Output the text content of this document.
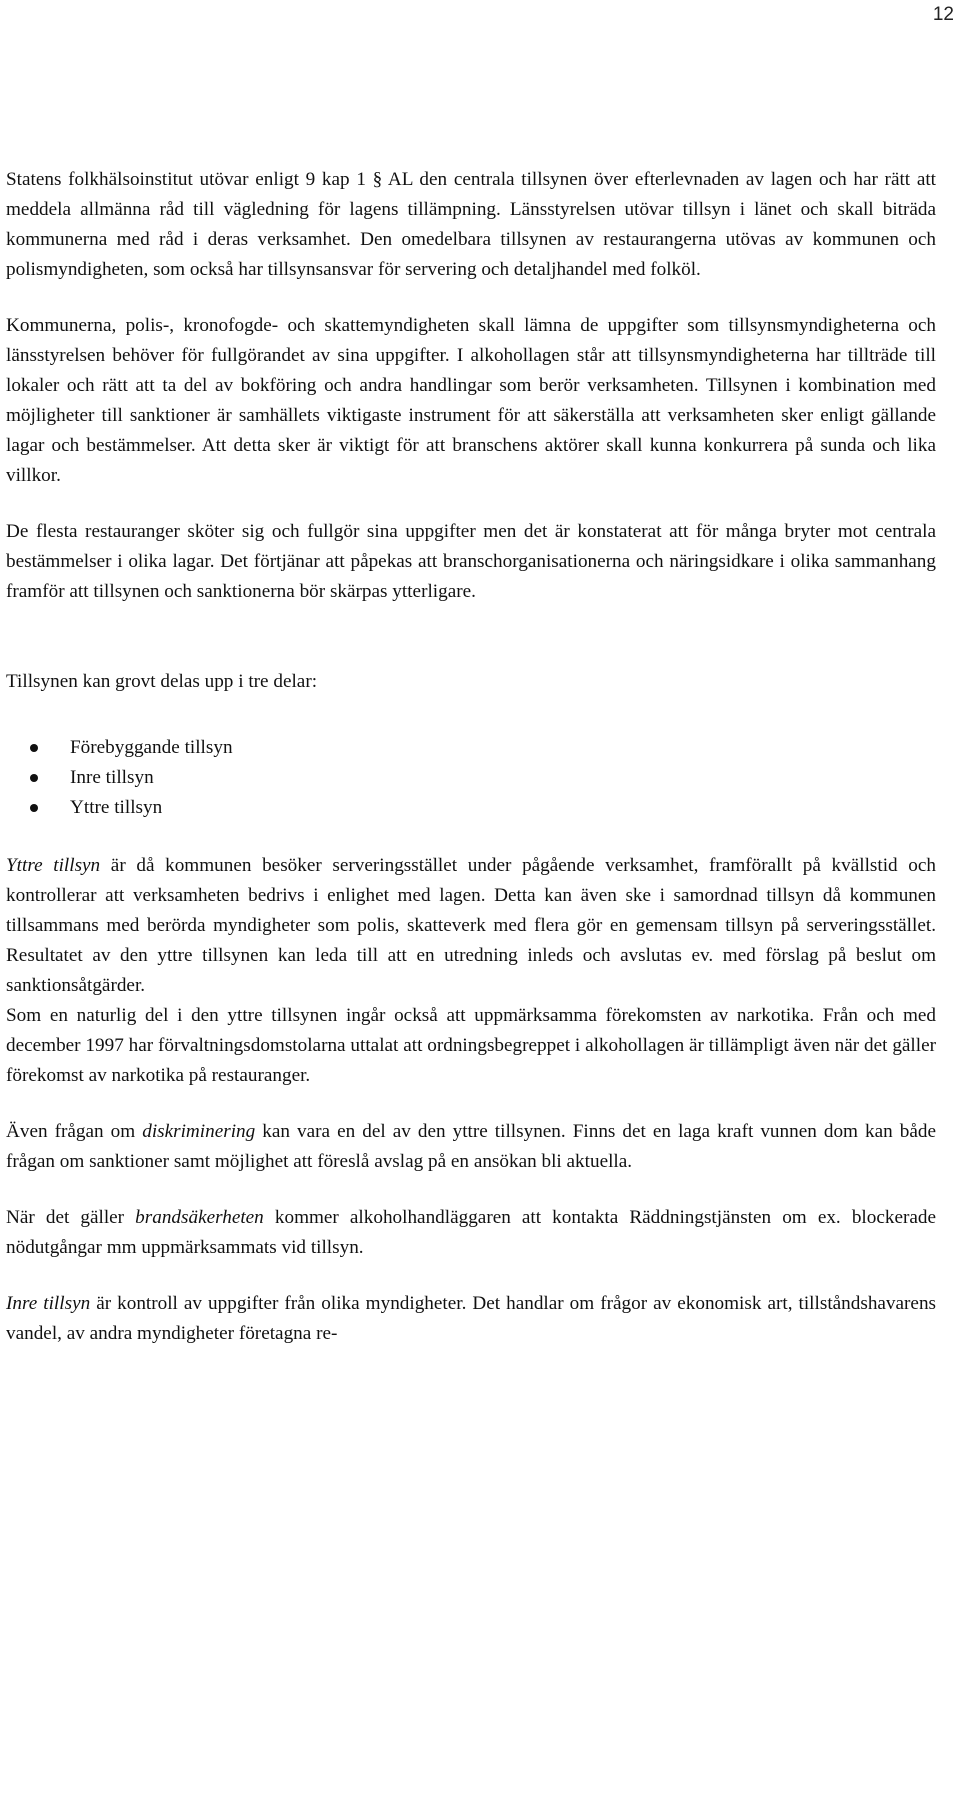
12

Statens folkhälsoinstitut utövar enligt 9 kap 1 § AL den centrala tillsynen över efterlevnaden av lagen och har rätt att meddela allmänna råd till vägledning för lagens tillämpning. Länsstyrelsen utövar tillsyn i länet och skall biträda kommunerna med råd i deras verksamhet. Den omedelbara tillsynen av restaurangerna utövas av kommunen och polismyndigheten, som också har tillsynsansvar för servering och detaljhandel med folköl.

Kommunerna, polis-, kronofogde- och skattemyndigheten skall lämna de uppgifter som tillsynsmyndigheterna och länsstyrelsen behöver för fullgörandet av sina uppgifter. I alkohollagen står att tillsynsmyndigheterna har tillträde till lokaler och rätt att ta del av bokföring och andra handlingar som berör verksamheten. Tillsynen i kombination med möjligheter till sanktioner är samhällets viktigaste instrument för att säkerställa att verksamheten sker enligt gällande lagar och bestämmelser. Att detta sker är viktigt för att branschens aktörer skall kunna konkurrera på sunda och lika villkor.

De flesta restauranger sköter sig och fullgör sina uppgifter men det är konstaterat att för många bryter mot centrala bestämmelser i olika lagar. Det förtjänar att påpekas att branschorganisationerna och näringsidkare i olika sammanhang framför att tillsynen och sanktionerna bör skärpas ytterligare.

Tillsynen kan grovt delas upp i tre delar:

Förebyggande tillsyn
Inre tillsyn
Yttre tillsyn

Yttre tillsyn är då kommunen besöker serveringsstället under pågående verksamhet, framförallt på kvällstid och kontrollerar att verksamheten bedrivs i enlighet med lagen. Detta kan även ske i samordnad tillsyn då kommunen tillsammans med berörda myndigheter som polis, skatteverk med flera gör en gemensam tillsyn på serveringsstället. Resultatet av den yttre tillsynen kan leda till att en utredning inleds och avslutas ev. med förslag på beslut om sanktionsåtgärder.

Som en naturlig del i den yttre tillsynen ingår också att uppmärksamma förekomsten av narkotika. Från och med december 1997 har förvaltningsdomstolarna uttalat att ordningsbegreppet i alkohollagen är tillämpligt även när det gäller förekomst av narkotika på restauranger.

Även frågan om diskriminering kan vara en del av den yttre tillsynen. Finns det en laga kraft vunnen dom kan både frågan om sanktioner samt möjlighet att föreslå avslag på en ansökan bli aktuella.

När det gäller brandsäkerheten kommer alkoholhandläggaren att kontakta Räddningstjänsten om ex. blockerade nödutgångar mm uppmärksammats vid tillsyn.

Inre tillsyn är kontroll av uppgifter från olika myndigheter. Det handlar om frågor av ekonomisk art, tillståndshavarens vandel, av andra myndigheter företagna re-
